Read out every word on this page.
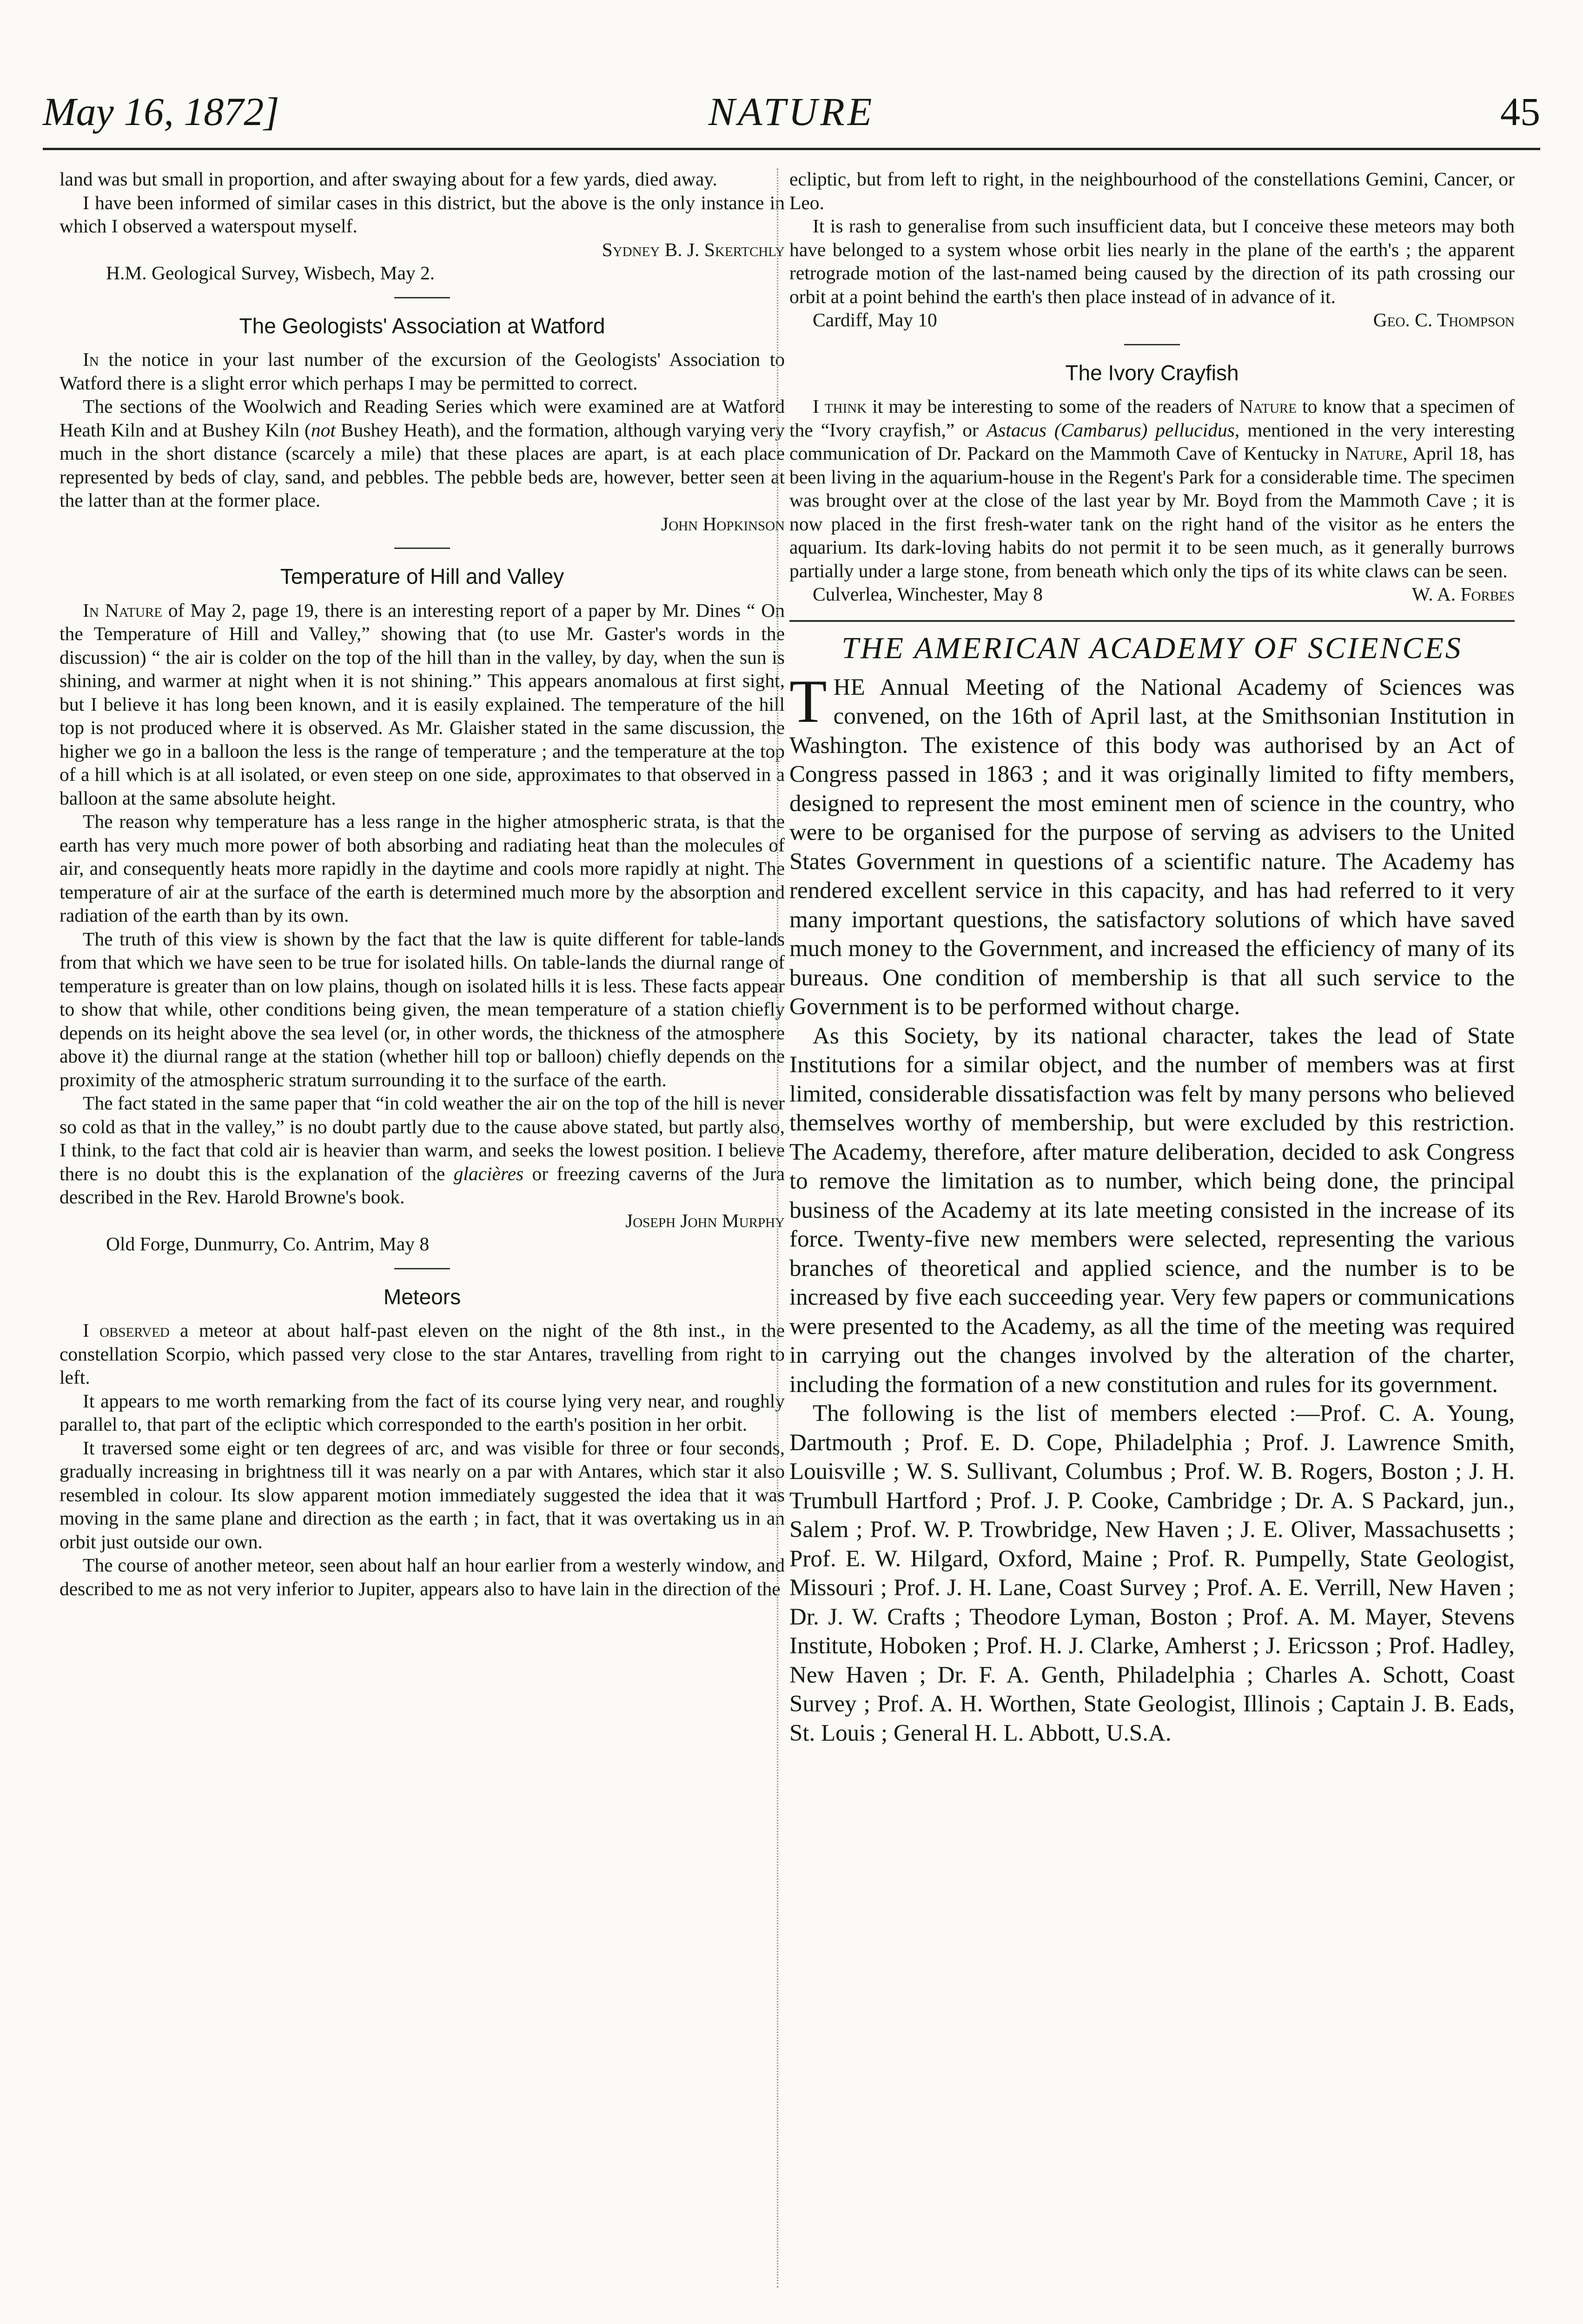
May 16, 1872]	NATURE	45

land was but small in proportion, and after swaying about for a few yards, died away.

I have been informed of similar cases in this district, but the above is the only instance in which I observed a waterspout myself.

Sydney B. J. Skertchly

H.M. Geological Survey, Wisbech, May 2.

The Geologists' Association at Watford

In the notice in your last number of the excursion of the Geologists' Association to Watford there is a slight error which perhaps I may be permitted to correct.

The sections of the Woolwich and Reading Series which were examined are at Watford Heath Kiln and at Bushey Kiln (not Bushey Heath), and the formation, although varying very much in the short distance (scarcely a mile) that these places are apart, is at each place represented by beds of clay, sand, and pebbles. The pebble beds are, however, better seen at the latter than at the former place.

John Hopkinson

Temperature of Hill and Valley

In Nature of May 2, page 19, there is an interesting report of a paper by Mr. Dines “ On the Temperature of Hill and Valley,” showing that (to use Mr. Gaster's words in the discussion) “ the air is colder on the top of the hill than in the valley, by day, when the sun is shining, and warmer at night when it is not shining.” This appears anomalous at first sight, but I believe it has long been known, and it is easily explained. The temperature of the hill top is not produced where it is observed. As Mr. Glaisher stated in the same discussion, the higher we go in a balloon the less is the range of temperature ; and the temperature at the top of a hill which is at all isolated, or even steep on one side, approximates to that observed in a balloon at the same absolute height.

The reason why temperature has a less range in the higher atmospheric strata, is that the earth has very much more power of both absorbing and radiating heat than the molecules of air, and consequently heats more rapidly in the daytime and cools more rapidly at night. The temperature of air at the surface of the earth is determined much more by the absorption and radiation of the earth than by its own.

The truth of this view is shown by the fact that the law is quite different for table-lands from that which we have seen to be true for isolated hills. On table-lands the diurnal range of temperature is greater than on low plains, though on isolated hills it is less. These facts appear to show that while, other conditions being given, the mean temperature of a station chiefly depends on its height above the sea level (or, in other words, the thickness of the atmosphere above it) the diurnal range at the station (whether hill top or balloon) chiefly depends on the proximity of the atmospheric stratum surrounding it to the surface of the earth.

The fact stated in the same paper that “in cold weather the air on the top of the hill is never so cold as that in the valley,” is no doubt partly due to the cause above stated, but partly also, I think, to the fact that cold air is heavier than warm, and seeks the lowest position. I believe there is no doubt this is the explanation of the glacières or freezing caverns of the Jura described in the Rev. Harold Browne's book.

Joseph John Murphy

Old Forge, Dunmurry, Co. Antrim, May 8

Meteors

I observed a meteor at about half-past eleven on the night of the 8th inst., in the constellation Scorpio, which passed very close to the star Antares, travelling from right to left.

It appears to me worth remarking from the fact of its course lying very near, and roughly parallel to, that part of the ecliptic which corresponded to the earth's position in her orbit.

It traversed some eight or ten degrees of arc, and was visible for three or four seconds, gradually increasing in brightness till it was nearly on a par with Antares, which star it also resembled in colour. Its slow apparent motion immediately suggested the idea that it was moving in the same plane and direction as the earth ; in fact, that it was overtaking us in an orbit just outside our own.

The course of another meteor, seen about half an hour earlier from a westerly window, and described to me as not very inferior to Jupiter, appears also to have lain in the direction of the

ecliptic, but from left to right, in the neighbourhood of the constellations Gemini, Cancer, or Leo.

It is rash to generalise from such insufficient data, but I conceive these meteors may both have belonged to a system whose orbit lies nearly in the plane of the earth's ; the apparent retrograde motion of the last-named being caused by the direction of its path crossing our orbit at a point behind the earth's then place instead of in advance of it.

Cardiff, May 10	Geo. C. Thompson
The Ivory Crayfish

I think it may be interesting to some of the readers of Nature to know that a specimen of the “Ivory crayfish,” or Astacus (Cambarus) pellucidus, mentioned in the very interesting communication of Dr. Packard on the Mammoth Cave of Kentucky in Nature, April 18, has been living in the aquarium-house in the Regent's Park for a considerable time. The specimen was brought over at the close of the last year by Mr. Boyd from the Mammoth Cave ; it is now placed in the first fresh-water tank on the right hand of the visitor as he enters the aquarium. Its dark-loving habits do not permit it to be seen much, as it generally burrows partially under a large stone, from beneath which only the tips of its white claws can be seen.

Culverlea, Winchester, May 8	W. A. Forbes
THE AMERICAN ACADEMY OF SCIENCES

THE Annual Meeting of the National Academy of Sciences was convened, on the 16th of April last, at the Smithsonian Institution in Washington. The existence of this body was authorised by an Act of Congress passed in 1863 ; and it was originally limited to fifty members, designed to represent the most eminent men of science in the country, who were to be organised for the purpose of serving as advisers to the United States Government in questions of a scientific nature. The Academy has rendered excellent service in this capacity, and has had referred to it very many important questions, the satisfactory solutions of which have saved much money to the Government, and increased the efficiency of many of its bureaus. One condition of membership is that all such service to the Government is to be performed without charge.

As this Society, by its national character, takes the lead of State Institutions for a similar object, and the number of members was at first limited, considerable dissatisfaction was felt by many persons who believed themselves worthy of membership, but were excluded by this restriction. The Academy, therefore, after mature deliberation, decided to ask Congress to remove the limitation as to number, which being done, the principal business of the Academy at its late meeting consisted in the increase of its force. Twenty-five new members were selected, representing the various branches of theoretical and applied science, and the number is to be increased by five each succeeding year. Very few papers or communications were presented to the Academy, as all the time of the meeting was required in carrying out the changes involved by the alteration of the charter, including the formation of a new constitution and rules for its government.

The following is the list of members elected :—Prof. C. A. Young, Dartmouth ; Prof. E. D. Cope, Philadelphia ; Prof. J. Lawrence Smith, Louisville ; W. S. Sullivant, Columbus ; Prof. W. B. Rogers, Boston ; J. H. Trumbull Hartford ; Prof. J. P. Cooke, Cambridge ; Dr. A. S Packard, jun., Salem ; Prof. W. P. Trowbridge, New Haven ; J. E. Oliver, Massachusetts ; Prof. E. W. Hilgard, Oxford, Maine ; Prof. R. Pumpelly, State Geologist, Missouri ; Prof. J. H. Lane, Coast Survey ; Prof. A. E. Verrill, New Haven ; Dr. J. W. Crafts ; Theodore Lyman, Boston ; Prof. A. M. Mayer, Stevens Institute, Hoboken ; Prof. H. J. Clarke, Amherst ; J. Ericsson ; Prof. Hadley, New Haven ; Dr. F. A. Genth, Philadelphia ; Charles A. Schott, Coast Survey ; Prof. A. H. Worthen, State Geologist, Illinois ; Captain J. B. Eads, St. Louis ; General H. L. Abbott, U.S.A.
